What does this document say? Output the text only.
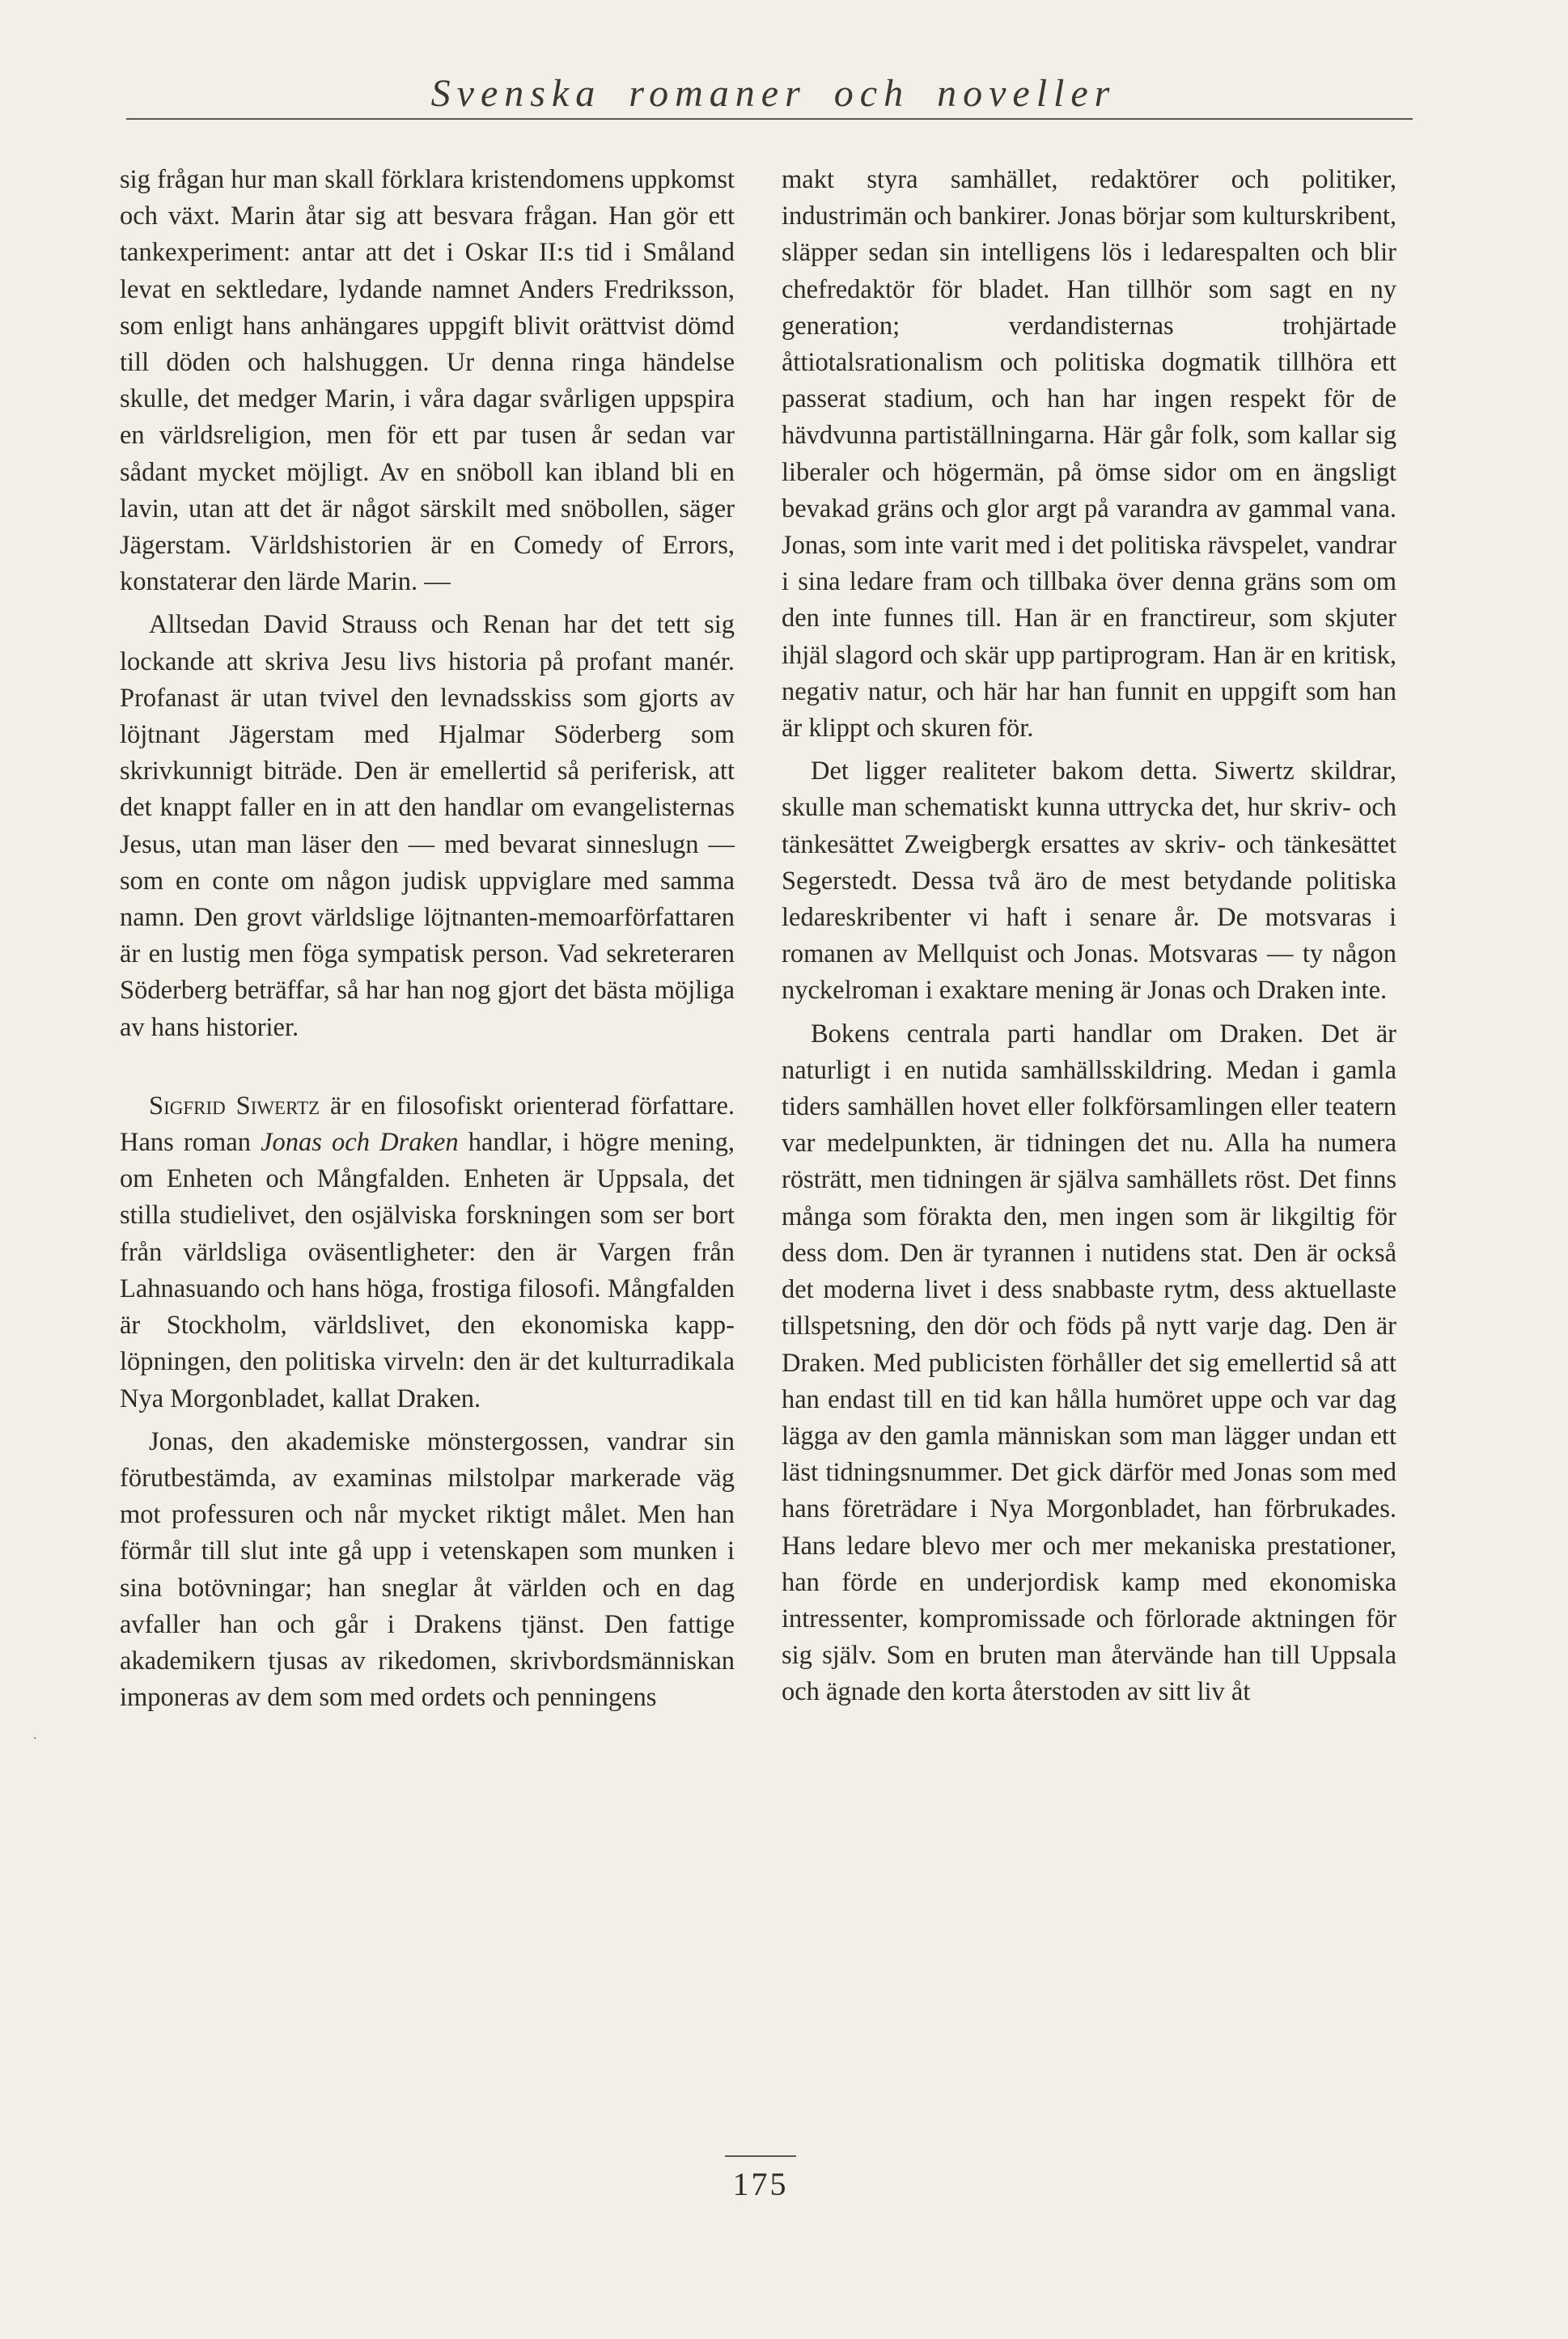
Svenska romaner och noveller

sig frågan hur man skall förklara kristendomens uppkomst och växt. Marin åtar sig att besvara frågan. Han gör ett tankexperiment: antar att det i Oskar II:s tid i Småland levat en sektledare, lydande namnet Anders Fredriksson, som enligt hans anhängares uppgift blivit orättvist dömd till döden och halshuggen. Ur denna ringa händelse skulle, det medger Marin, i våra dagar svårligen uppspira en världsreligion, men för ett par tusen år sedan var sådant mycket möjligt. Av en snöboll kan ibland bli en lavin, utan att det är något särskilt med snöbollen, säger Jägerstam. Världshistorien är en Comedy of Errors, konstaterar den lärde Marin. —

Alltsedan David Strauss och Renan har det tett sig lockande att skriva Jesu livs historia på profant manér. Profanast är utan tvivel den levnadsskiss som gjorts av löjtnant Jägerstam med Hjalmar Söderberg som skrivkunnigt biträde. Den är emellertid så periferisk, att det knappt faller en in att den handlar om evangelisternas Jesus, utan man läser den — med bevarat sinneslugn — som en conte om någon judisk uppviglare med samma namn. Den grovt världslige löjtnanten-memoarförfattaren är en lustig men föga sympatisk person. Vad sekreteraren Söderberg beträffar, så har han nog gjort det bästa möjliga av hans historier.

Sigfrid Siwertz är en filosofiskt orienterad författare. Hans roman Jonas och Draken handlar, i högre mening, om Enheten och Mångfalden. Enheten är Uppsala, det stilla studielivet, den osjälviska forskningen som ser bort från världsliga oväsentligheter: den är Vargen från Lahnasuando och hans höga, frostiga filosofi. Mångfalden är Stockholm, världslivet, den ekonomiska kapplöpningen, den politiska virveln: den är det kulturradikala Nya Morgonbladet, kallat Draken.

Jonas, den akademiske mönstergossen, vandrar sin förutbestämda, av examinas milstolpar markerade väg mot professuren och når mycket riktigt målet. Men han förmår till slut inte gå upp i vetenskapen som munken i sina botövningar; han sneglar åt världen och en dag avfaller han och går i Drakens tjänst. Den fattige akademikern tjusas av rikedomen, skrivbordsmänniskan imponeras av dem som med ordets och penningens

makt styra samhället, redaktörer och politiker, industrimän och bankirer. Jonas börjar som kulturskribent, släpper sedan sin intelligens lös i ledarespalten och blir chefredaktör för bladet. Han tillhör som sagt en ny generation; verdandisternas trohjärtade åttiotalsrationalism och politiska dogmatik tillhöra ett passerat stadium, och han har ingen respekt för de hävdvunna partiställningarna. Här går folk, som kallar sig liberaler och högermän, på ömse sidor om en ängsligt bevakad gräns och glor argt på varandra av gammal vana. Jonas, som inte varit med i det politiska rävspelet, vandrar i sina ledare fram och tillbaka över denna gräns som om den inte funnes till. Han är en franctireur, som skjuter ihjäl slagord och skär upp partiprogram. Han är en kritisk, negativ natur, och här har han funnit en uppgift som han är klippt och skuren för.

Det ligger realiteter bakom detta. Siwertz skildrar, skulle man schematiskt kunna uttrycka det, hur skriv- och tänkesättet Zweigbergk ersattes av skriv- och tänkesättet Segerstedt. Dessa två äro de mest betydande politiska ledareskribenter vi haft i senare år. De motsvaras i romanen av Mellquist och Jonas. Motsvaras — ty någon nyckelroman i exaktare mening är Jonas och Draken inte.

Bokens centrala parti handlar om Draken. Det är naturligt i en nutida samhällsskildring. Medan i gamla tiders samhällen hovet eller folkförsamlingen eller teatern var medelpunkten, är tidningen det nu. Alla ha numera rösträtt, men tidningen är själva samhällets röst. Det finns många som förakta den, men ingen som är likgiltig för dess dom. Den är tyrannen i nutidens stat. Den är också det moderna livet i dess snabbaste rytm, dess aktuellaste tillspetsning, den dör och föds på nytt varje dag. Den är Draken. Med publicisten förhåller det sig emellertid så att han endast till en tid kan hålla humöret uppe och var dag lägga av den gamla människan som man lägger undan ett läst tidningsnummer. Det gick därför med Jonas som med hans företrädare i Nya Morgonbladet, han förbrukades. Hans ledare blevo mer och mer mekaniska prestationer, han förde en underjordisk kamp med ekonomiska intressenter, kompromissade och förlorade aktningen för sig själv. Som en bruten man återvände han till Uppsala och ägnade den korta återstoden av sitt liv åt

·
175
